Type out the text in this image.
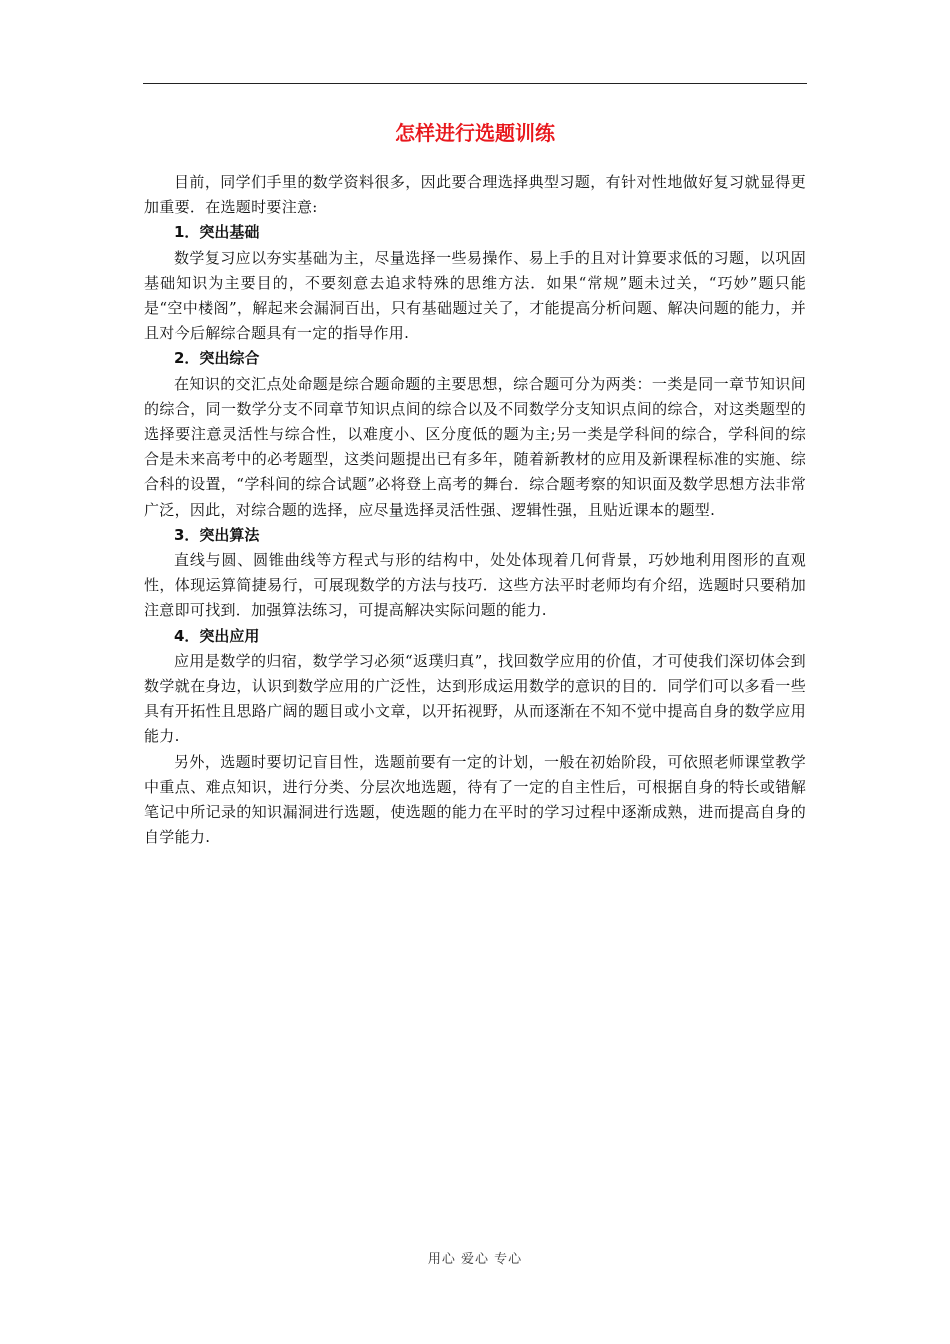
怎样进行选题训练

目前，同学们手里的数学资料很多，因此要合理选择典型习题，有针对性地做好复习就显得更加重要．在选题时要注意:

1．突出基础

数学复习应以夯实基础为主，尽量选择一些易操作、易上手的且对计算要求低的习题，以巩固基础知识为主要目的，不要刻意去追求特殊的思维方法．如果“常规”题未过关，“巧妙”题只能是“空中楼阁”，解起来会漏洞百出，只有基础题过关了，才能提高分析问题、解决问题的能力，并且对今后解综合题具有一定的指导作用.

2．突出综合

在知识的交汇点处命题是综合题命题的主要思想，综合题可分为两类：一类是同一章节知识间的综合，同一数学分支不同章节知识点间的综合以及不同数学分支知识点间的综合，对这类题型的选择要注意灵活性与综合性，以难度小、区分度低的题为主;另一类是学科间的综合，学科间的综合是未来高考中的必考题型，这类问题提出已有多年，随着新教材的应用及新课程标准的实施、综合科的设置，“学科间的综合试题”必将登上高考的舞台．综合题考察的知识面及数学思想方法非常广泛，因此，对综合题的选择，应尽量选择灵活性强、逻辑性强，且贴近课本的题型.

3．突出算法

直线与圆、圆锥曲线等方程式与形的结构中，处处体现着几何背景，巧妙地利用图形的直观性，体现运算简捷易行，可展现数学的方法与技巧．这些方法平时老师均有介绍，选题时只要稍加注意即可找到．加强算法练习，可提高解决实际问题的能力.

4．突出应用

应用是数学的归宿，数学学习必须“返璞归真”，找回数学应用的价值，才可使我们深切体会到数学就在身边，认识到数学应用的广泛性，达到形成运用数学的意识的目的．同学们可以多看一些具有开拓性且思路广阔的题目或小文章，以开拓视野，从而逐渐在不知不觉中提高自身的数学应用能力.

另外，选题时要切记盲目性，选题前要有一定的计划，一般在初始阶段，可依照老师课堂教学中重点、难点知识，进行分类、分层次地选题，待有了一定的自主性后，可根据自身的特长或错解笔记中所记录的知识漏洞进行选题，使选题的能力在平时的学习过程中逐渐成熟，进而提高自身的自学能力.

用心 爱心 专心
